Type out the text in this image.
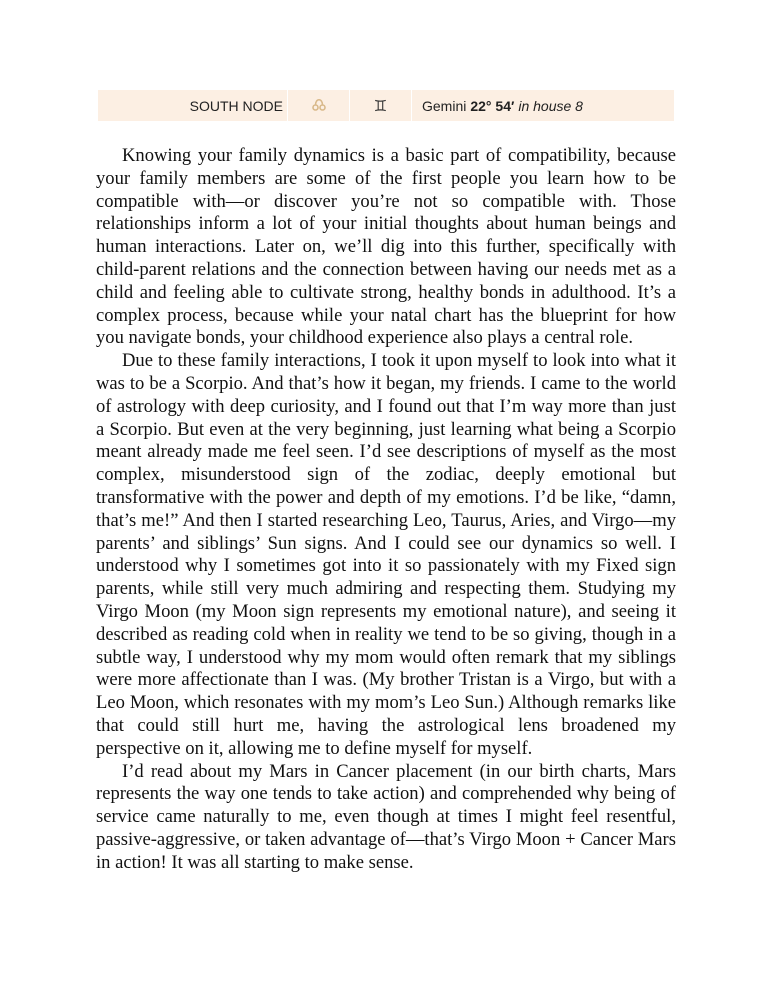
SOUTH NODE	♊ Gemini 22° 54′ in house 8

Knowing your family dynamics is a basic part of compatibility, because your family members are some of the first people you learn how to be compatible with—or discover you’re not so compatible with. Those relationships inform a lot of your initial thoughts about human beings and human interactions. Later on, we’ll dig into this further, specifically with child-parent relations and the connection between having our needs met as a child and feeling able to cultivate strong, healthy bonds in adulthood. It’s a complex process, because while your natal chart has the blueprint for how you navigate bonds, your childhood experience also plays a central role.

Due to these family interactions, I took it upon myself to look into what it was to be a Scorpio. And that’s how it began, my friends. I came to the world of astrology with deep curiosity, and I found out that I’m way more than just a Scorpio. But even at the very beginning, just learning what being a Scorpio meant already made me feel seen. I’d see descriptions of myself as the most complex, misunderstood sign of the zodiac, deeply emotional but transformative with the power and depth of my emotions. I’d be like, “damn, that’s me!” And then I started researching Leo, Taurus, Aries, and Virgo—my parents’ and siblings’ Sun signs. And I could see our dynamics so well. I understood why I sometimes got into it so passionately with my Fixed sign parents, while still very much admiring and respecting them. Studying my Virgo Moon (my Moon sign represents my emotional nature), and seeing it described as reading cold when in reality we tend to be so giving, though in a subtle way, I understood why my mom would often remark that my siblings were more affectionate than I was. (My brother Tristan is a Virgo, but with a Leo Moon, which resonates with my mom’s Leo Sun.) Although remarks like that could still hurt me, having the astrological lens broadened my perspective on it, allowing me to define myself for myself.

I’d read about my Mars in Cancer placement (in our birth charts, Mars represents the way one tends to take action) and comprehended why being of service came naturally to me, even though at times I might feel resentful, passive-aggressive, or taken advantage of—that’s Virgo Moon + Cancer Mars in action! It was all starting to make sense.
